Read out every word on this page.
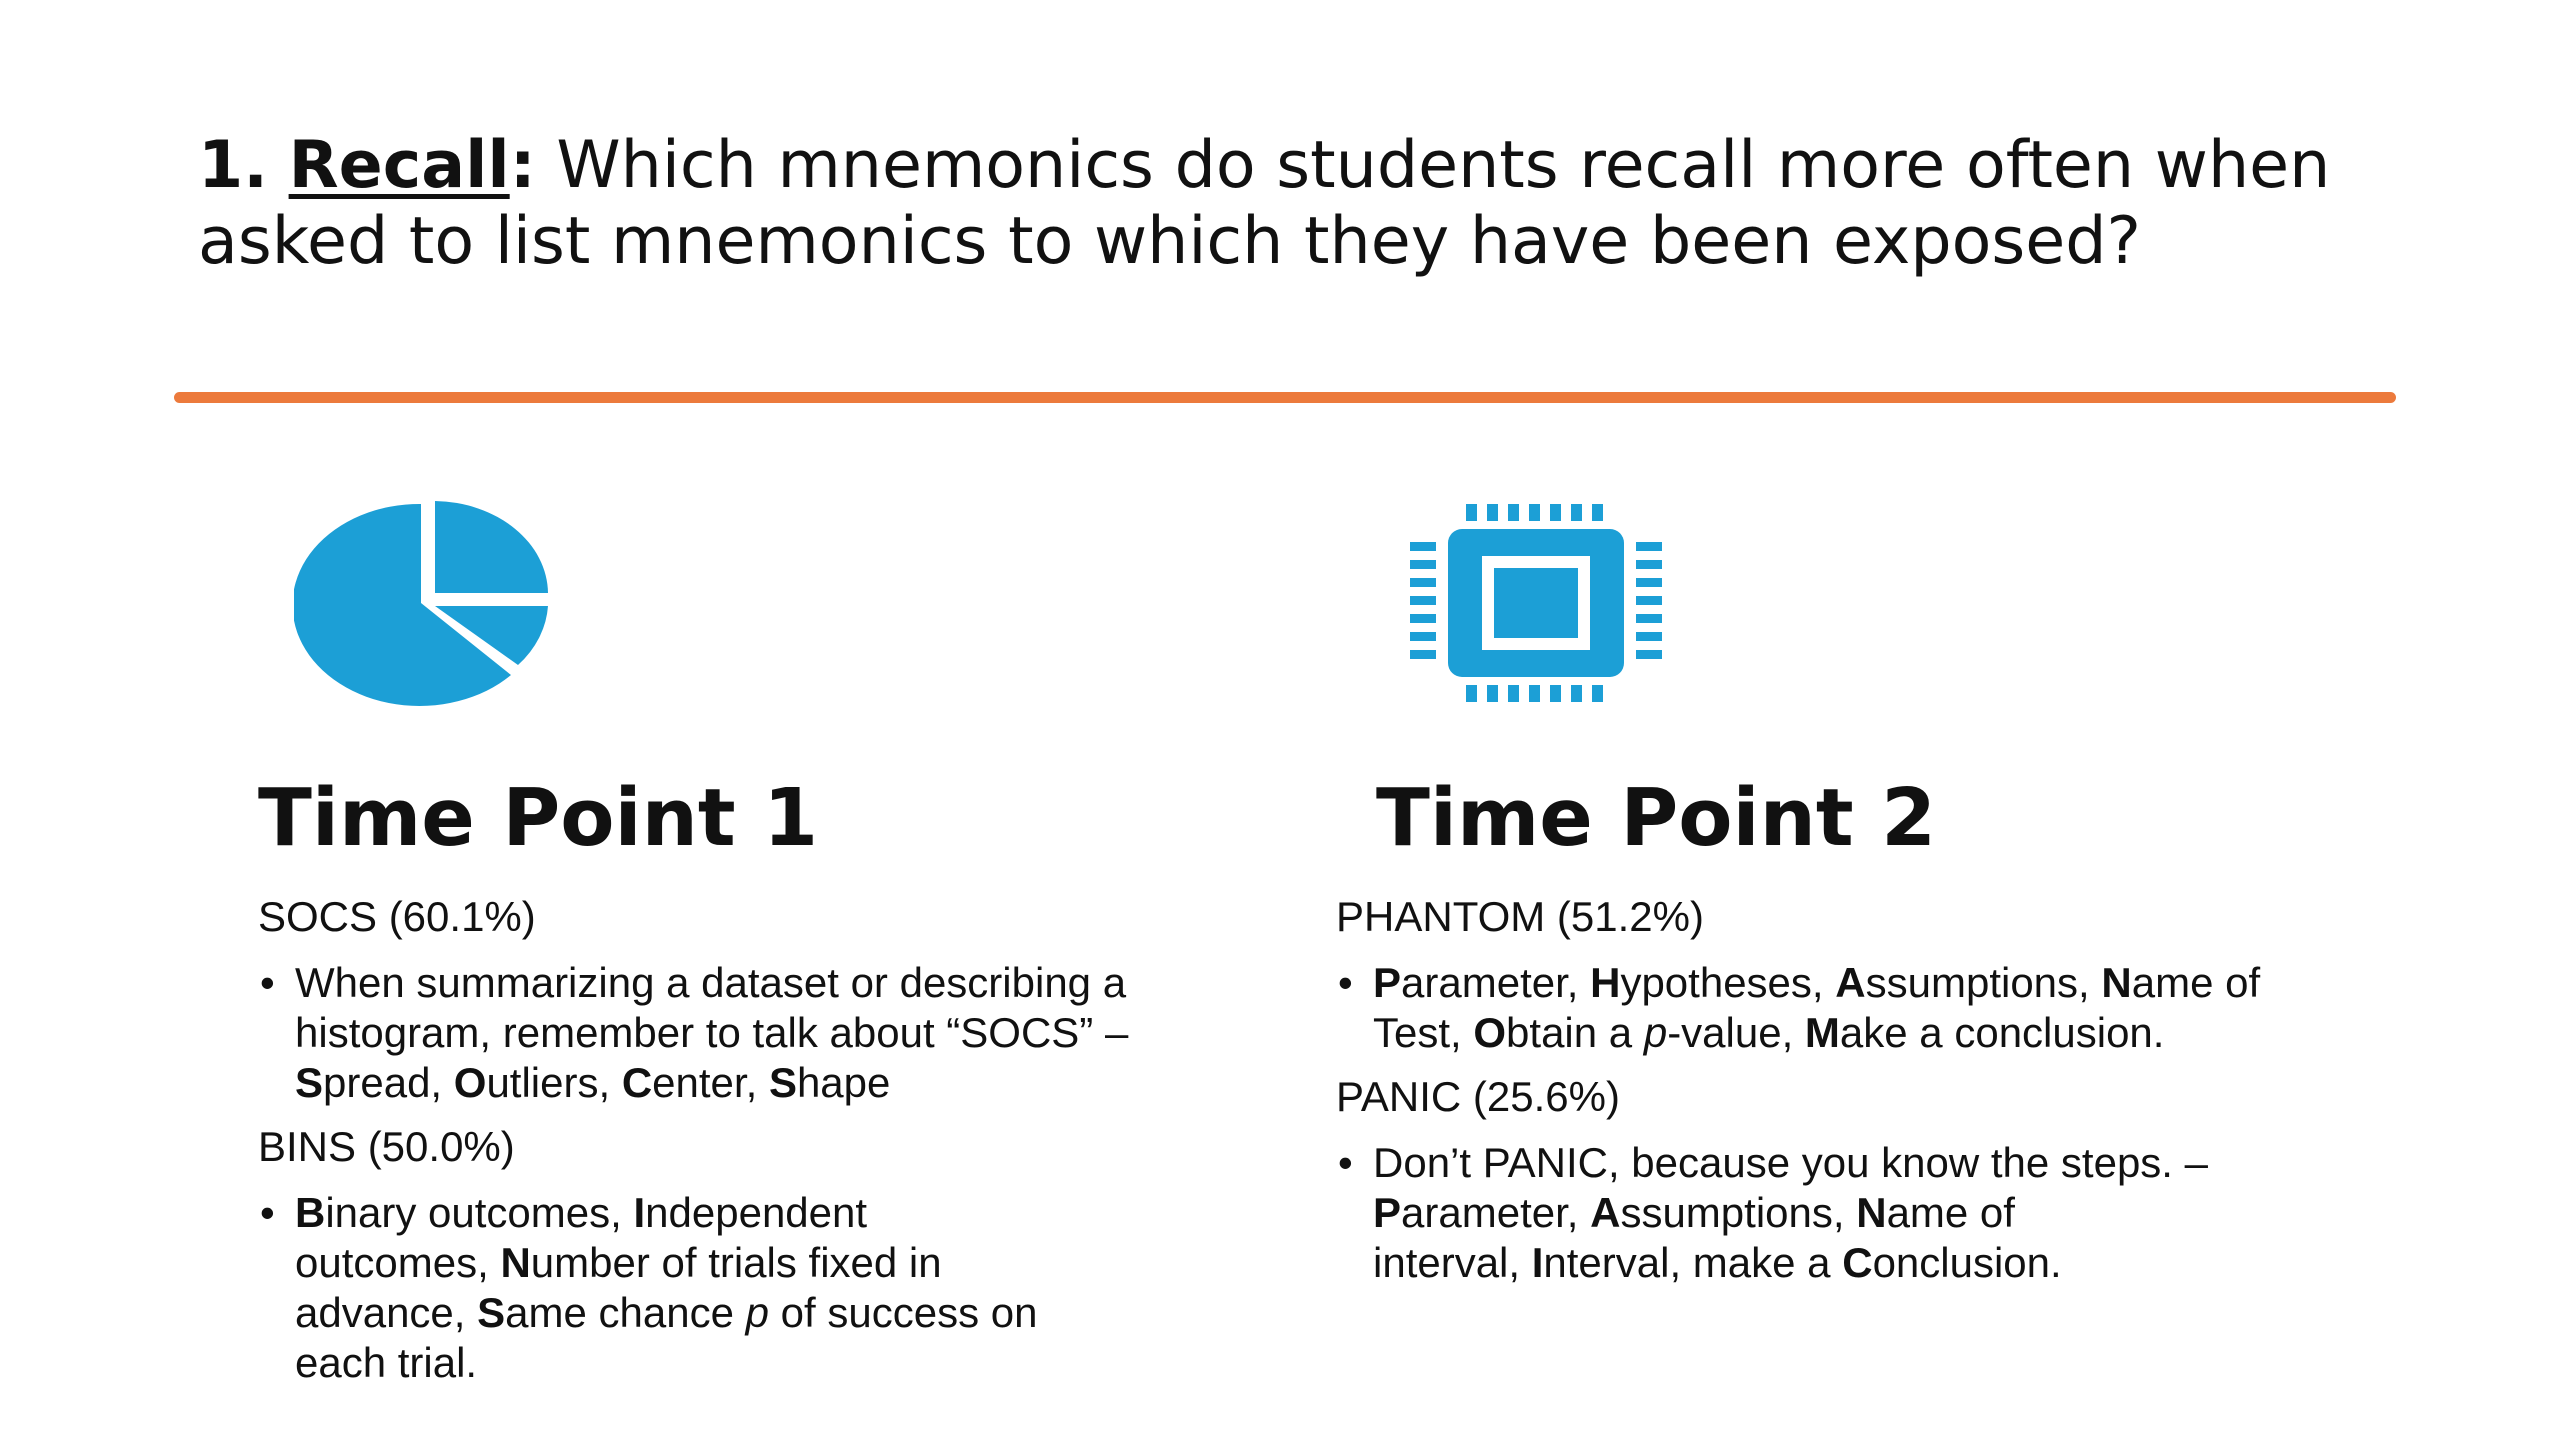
1. Recall: Which mnemonics do students recall more often when asked to list mnemonics to which they have been exposed?
Time Point 1
SOCS (60.1%)
• When summarizing a dataset or describing a
histogram, remember to talk about “SOCS” –
Spread, Outliers, Center, Shape
BINS (50.0%)
• Binary outcomes, Independent
outcomes, Number of trials fixed in
advance, Same chance p of success on
each trial.
Time Point 2
PHANTOM (51.2%)
• Parameter, Hypotheses, Assumptions, Name of
Test, Obtain a p-value, Make a conclusion.
PANIC (25.6%)
• Don’t PANIC, because you know the steps. –
Parameter, Assumptions, Name of
interval, Interval, make a Conclusion.
